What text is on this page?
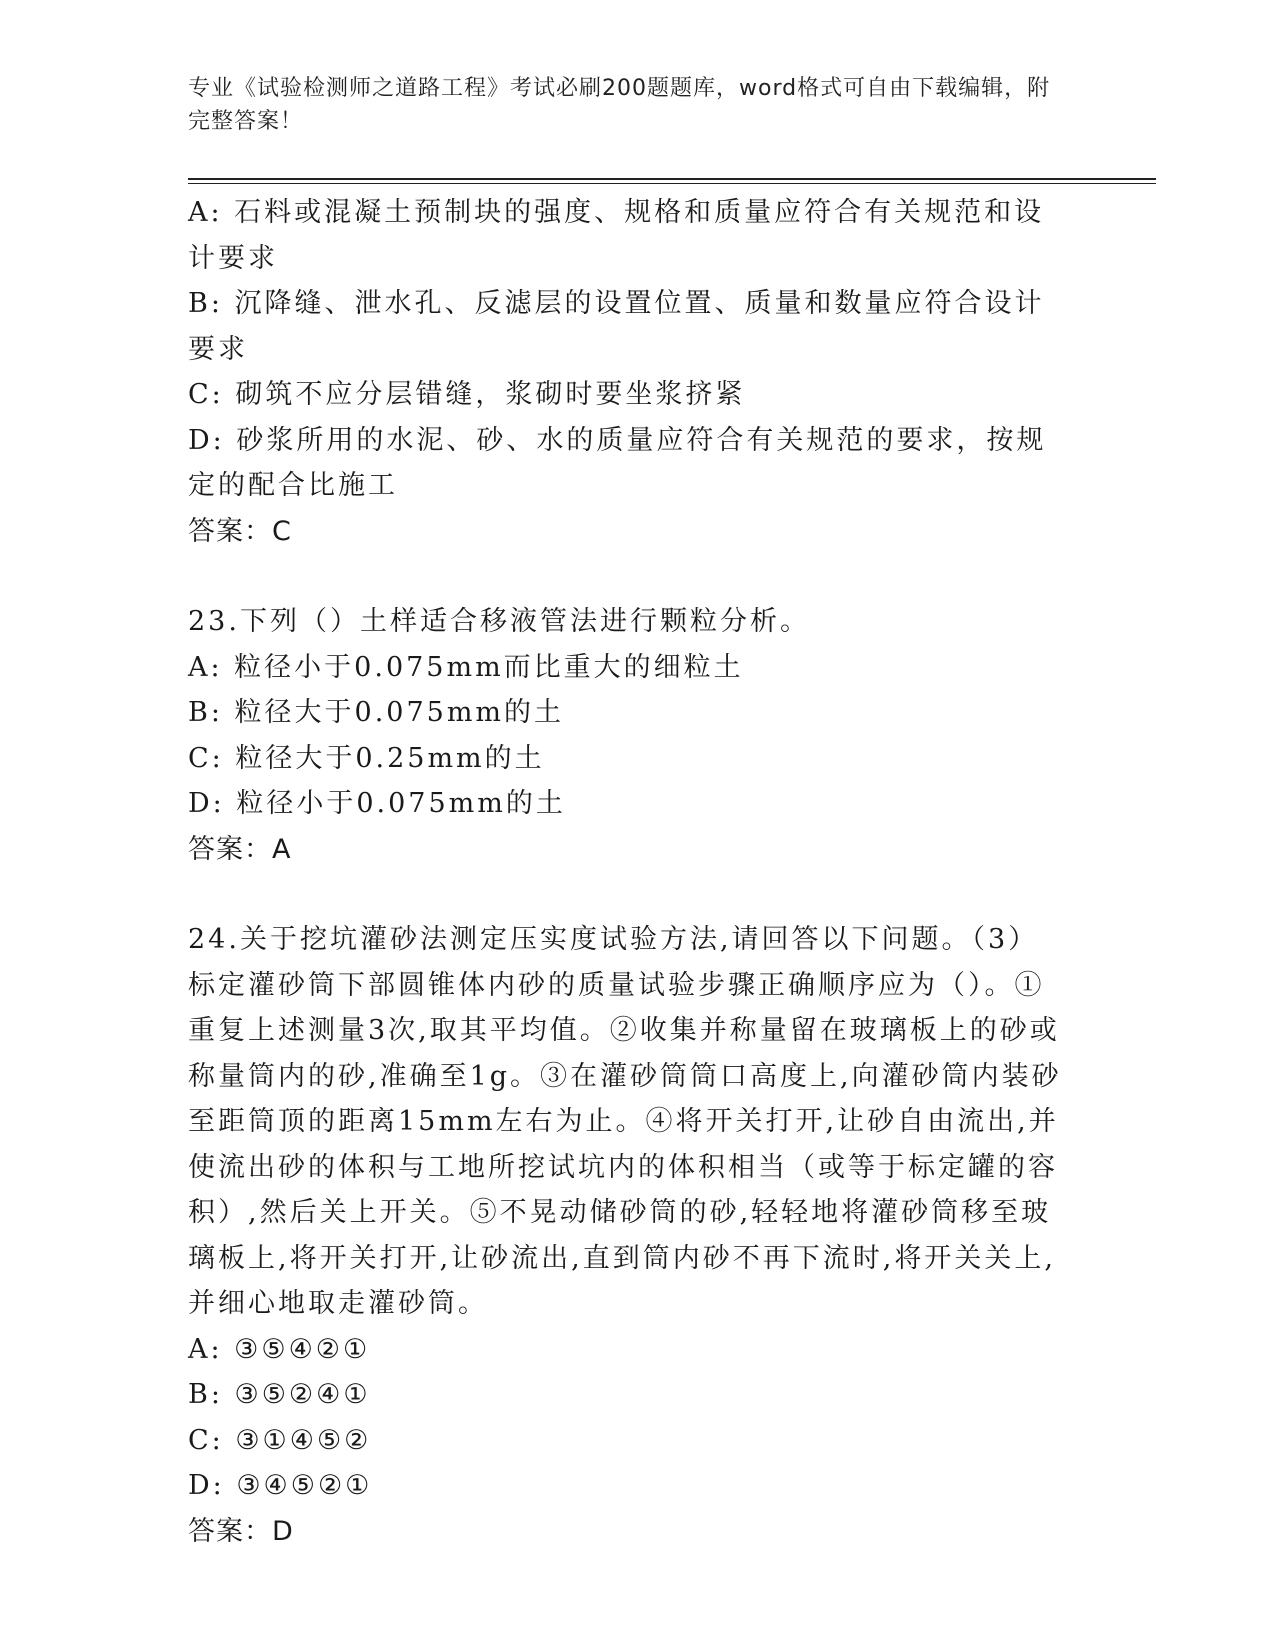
专业《试验检测师之道路工程》考试必刷200题题库，word格式可自由下载编辑，附完整答案！

A: 石料或混凝土预制块的强度、规格和质量应符合有关规范和设计要求

B: 沉降缝、泄水孔、反滤层的设置位置、质量和数量应符合设计要求

C: 砌筑不应分层错缝，浆砌时要坐浆挤紧

D: 砂浆所用的水泥、砂、水的质量应符合有关规范的要求，按规定的配合比施工

答案：C

23.下列（）土样适合移液管法进行颗粒分析。

A: 粒径小于0.075mm而比重大的细粒土

B: 粒径大于0.075mm的土

C: 粒径大于0.25mm的土

D: 粒径小于0.075mm的土

答案：A

24.关于挖坑灌砂法测定压实度试验方法,请回答以下问题。（3）标定灌砂筒下部圆锥体内砂的质量试验步骤正确顺序应为（）。①重复上述测量3次,取其平均值。②收集并称量留在玻璃板上的砂或称量筒内的砂,准确至1g。③在灌砂筒筒口高度上,向灌砂筒内装砂至距筒顶的距离15mm左右为止。④将开关打开,让砂自由流出,并使流出砂的体积与工地所挖试坑内的体积相当（或等于标定罐的容积）,然后关上开关。⑤不晃动储砂筒的砂,轻轻地将灌砂筒移至玻璃板上,将开关打开,让砂流出,直到筒内砂不再下流时,将开关关上,并细心地取走灌砂筒。

A: ③⑤④②①

B: ③⑤②④①

C: ③①④⑤②

D: ③④⑤②①

答案：D
